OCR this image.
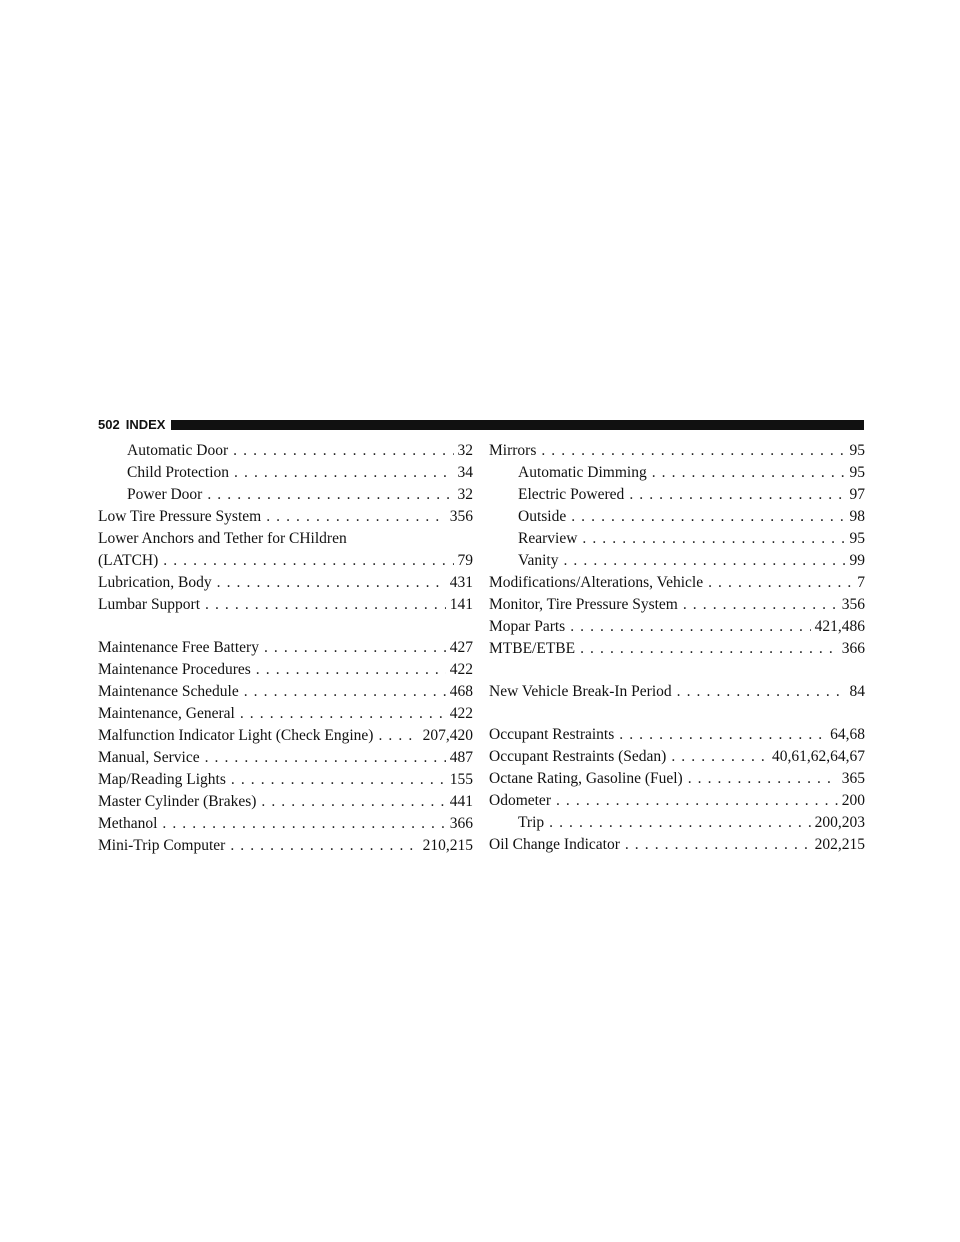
502 INDEX
Automatic Door . . .	32
Child Protection . . .	34
Power Door . . .	32
Low Tire Pressure System . . .	356
Lower Anchors and Tether for CHildren
(LATCH) . . .	79
Lubrication, Body . . .	431
Lumbar Support . . .	141
Maintenance Free Battery . . .	427
Maintenance Procedures . . .	422
Maintenance Schedule . . .	468
Maintenance, General . . .	422
Malfunction Indicator Light (Check Engine) . . .	207,420
Manual, Service . . .	487
Map/Reading Lights . . .	155
Master Cylinder (Brakes) . . .	441
Methanol . . .	366
Mini-Trip Computer . . .	210,215
Mirrors . . .	95
Automatic Dimming . . .	95
Electric Powered . . .	97
Outside . . .	98
Rearview . . .	95
Vanity . . .	99
Modifications/Alterations, Vehicle . . .	7
Monitor, Tire Pressure System . . .	356
Mopar Parts . . .	421,486
MTBE/ETBE . . .	366
New Vehicle Break-In Period . . .	84
Occupant Restraints . . .	64,68
Occupant Restraints (Sedan) . . .	40,61,62,64,67
Octane Rating, Gasoline (Fuel) . . .	365
Odometer . . .	200
Trip . . .	200,203
Oil Change Indicator . . .	202,215
